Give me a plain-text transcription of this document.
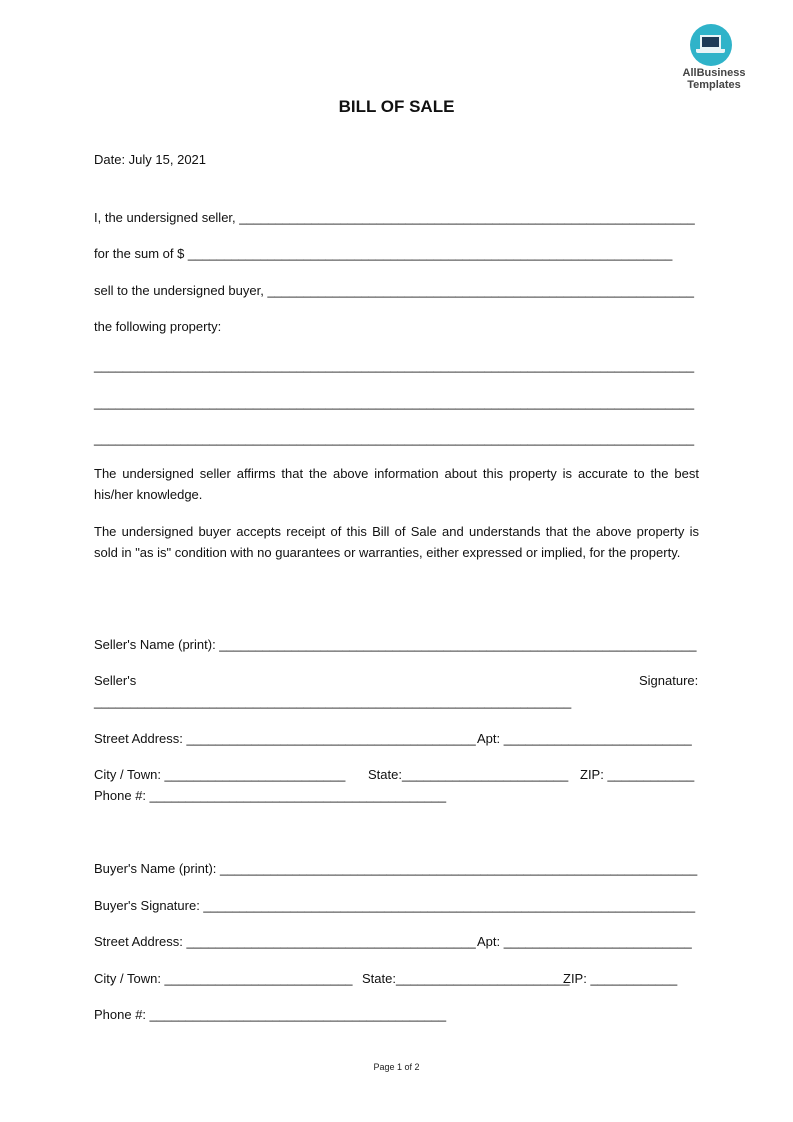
AllBusiness
Templates
BILL OF SALE
Date: July 15, 2021
I, the undersigned seller, _______________________________________________________________
for the sum of $ ___________________________________________________________________
sell to the undersigned buyer, ___________________________________________________________
the following property:
___________________________________________________________________________________
___________________________________________________________________________________
___________________________________________________________________________________
The undersigned seller affirms that the above information about this property is accurate to the best his/her knowledge.
The undersigned buyer accepts receipt of this Bill of Sale and understands that the above property is sold in "as is" condition with no guarantees or warranties, either expressed or implied, for the property.
Seller's Name (print): __________________________________________________________________
Seller's	Signature:
__________________________________________________________________
Street Address: ________________________________________ Apt: __________________________
City / Town: _________________________ State:_______________________ ZIP: ____________
Phone #: _________________________________________
Buyer's Name (print): __________________________________________________________________
Buyer's Signature: ____________________________________________________________________
Street Address: ________________________________________ Apt: __________________________
City / Town: __________________________ State:________________________
ZIP: ____________
Phone #: _________________________________________
Page 1 of 2
